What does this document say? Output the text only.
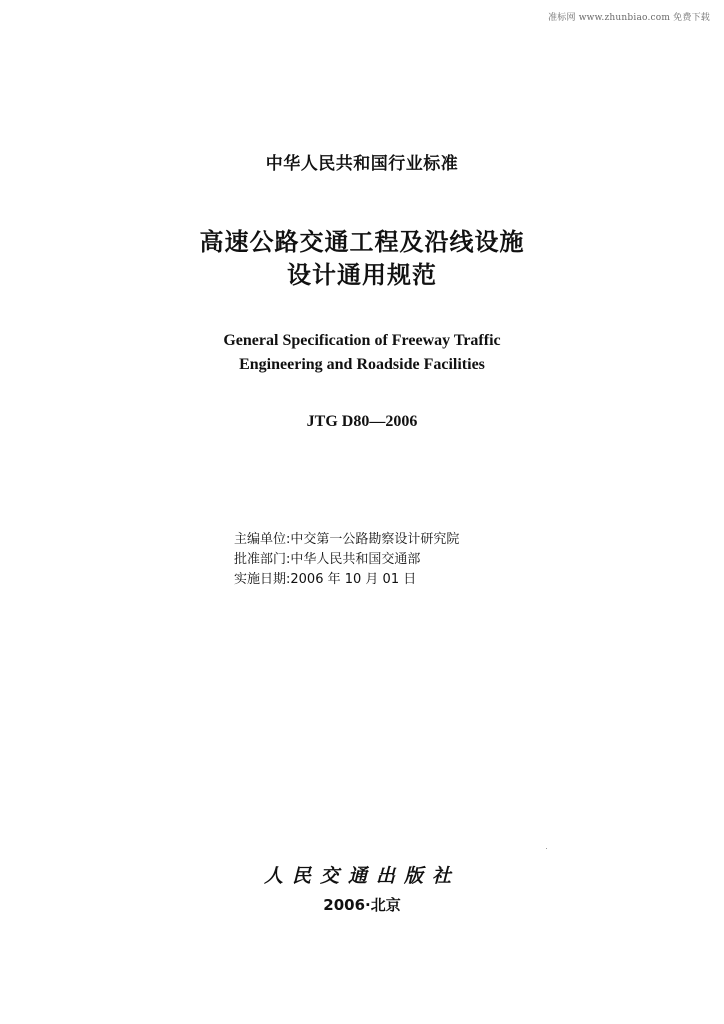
准标网 www.zhunbiao.com 免费下载
中华人民共和国行业标准
高速公路交通工程及沿线设施
设计通用规范
General Specification of Freeway Traffic
Engineering and Roadside Facilities
JTG D80—2006
主编单位:中交第一公路勘察设计研究院
批准部门:中华人民共和国交通部
实施日期:2006 年 10 月 01 日
人民交通出版社
2006·北京
